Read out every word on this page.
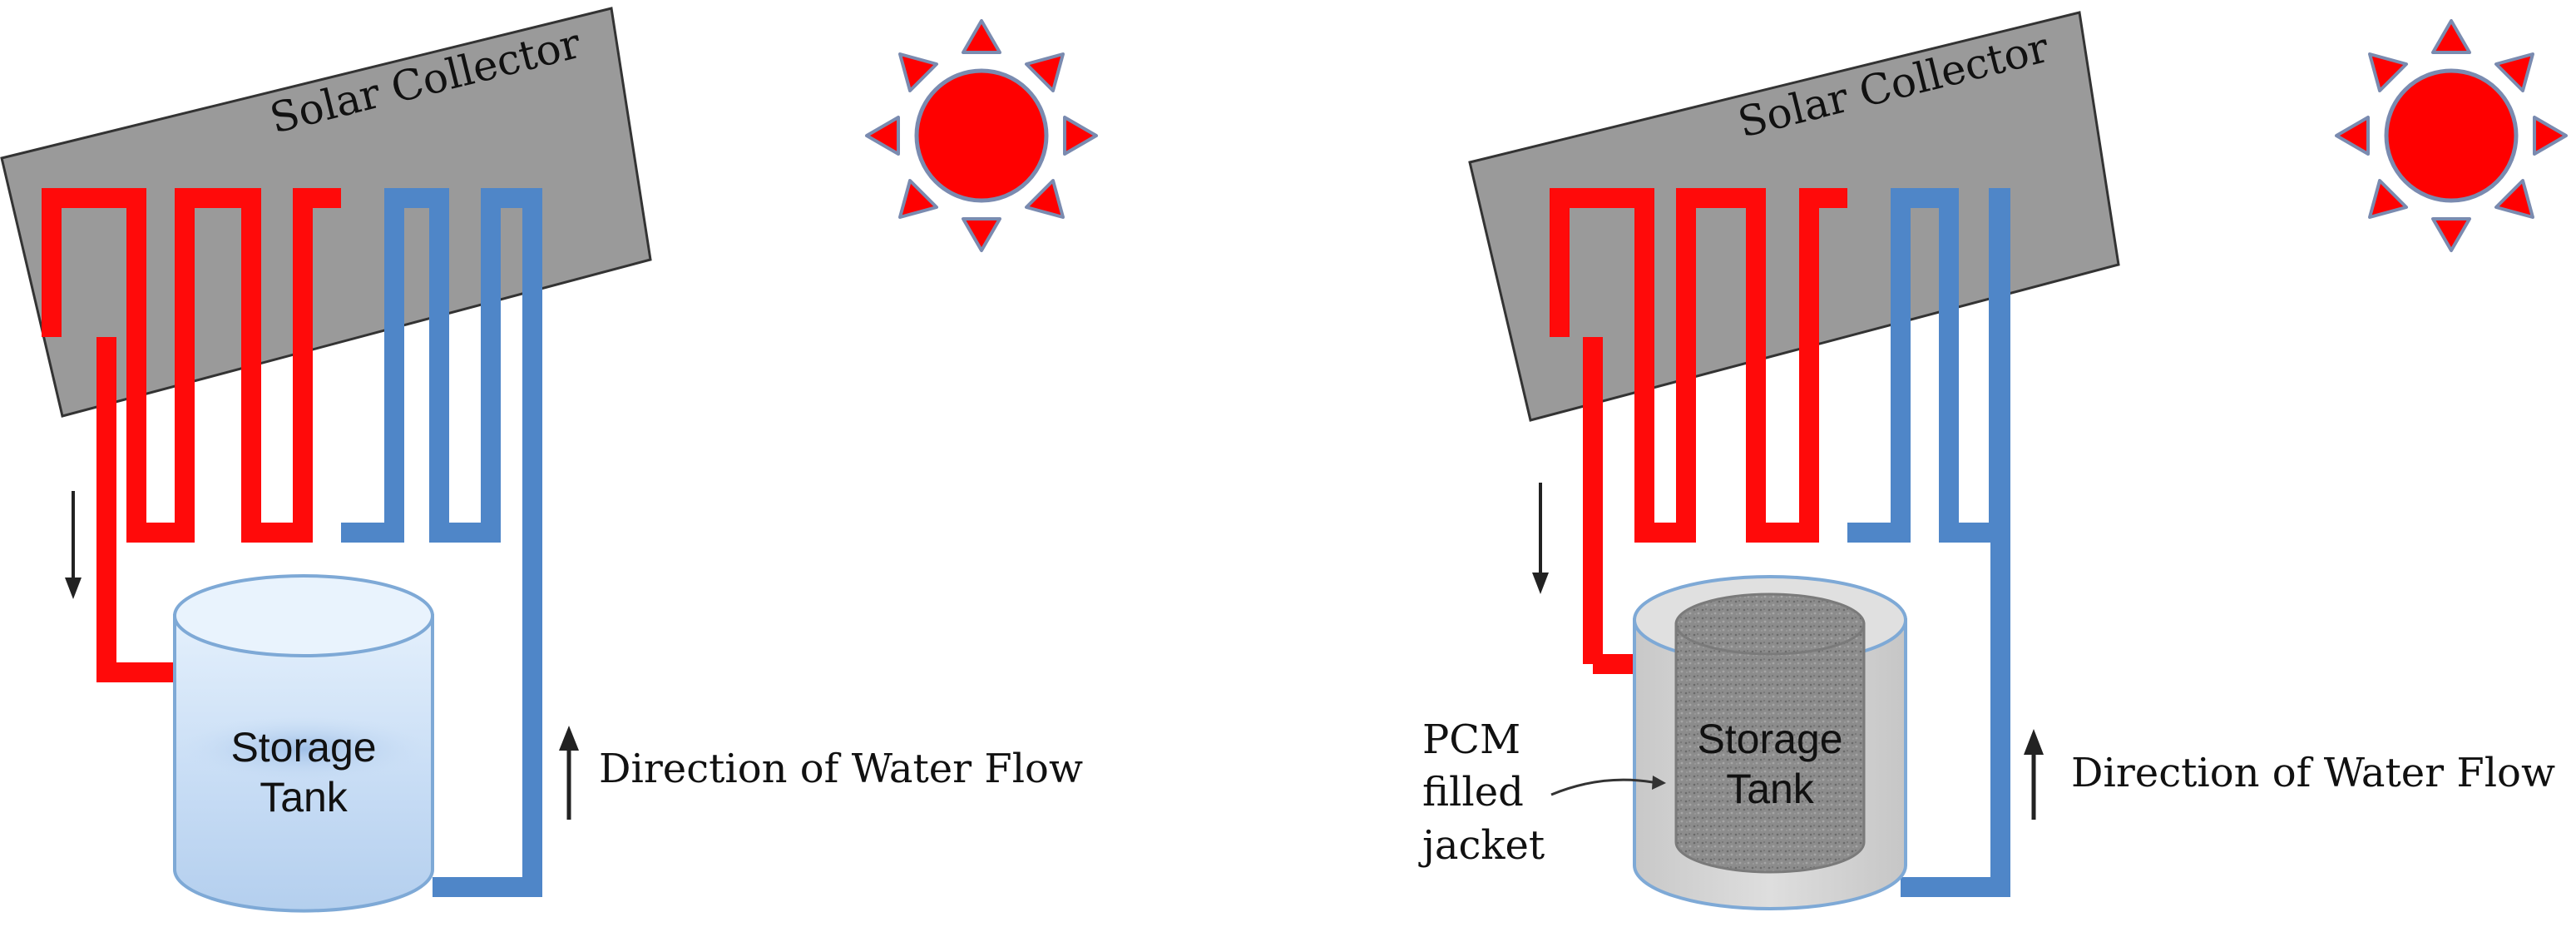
Solar Collector
Storage
Tank
Direction of Water Flow
Solar Collector
Storage
Tank
PCM
filled
jacket
Direction of Water Flow
